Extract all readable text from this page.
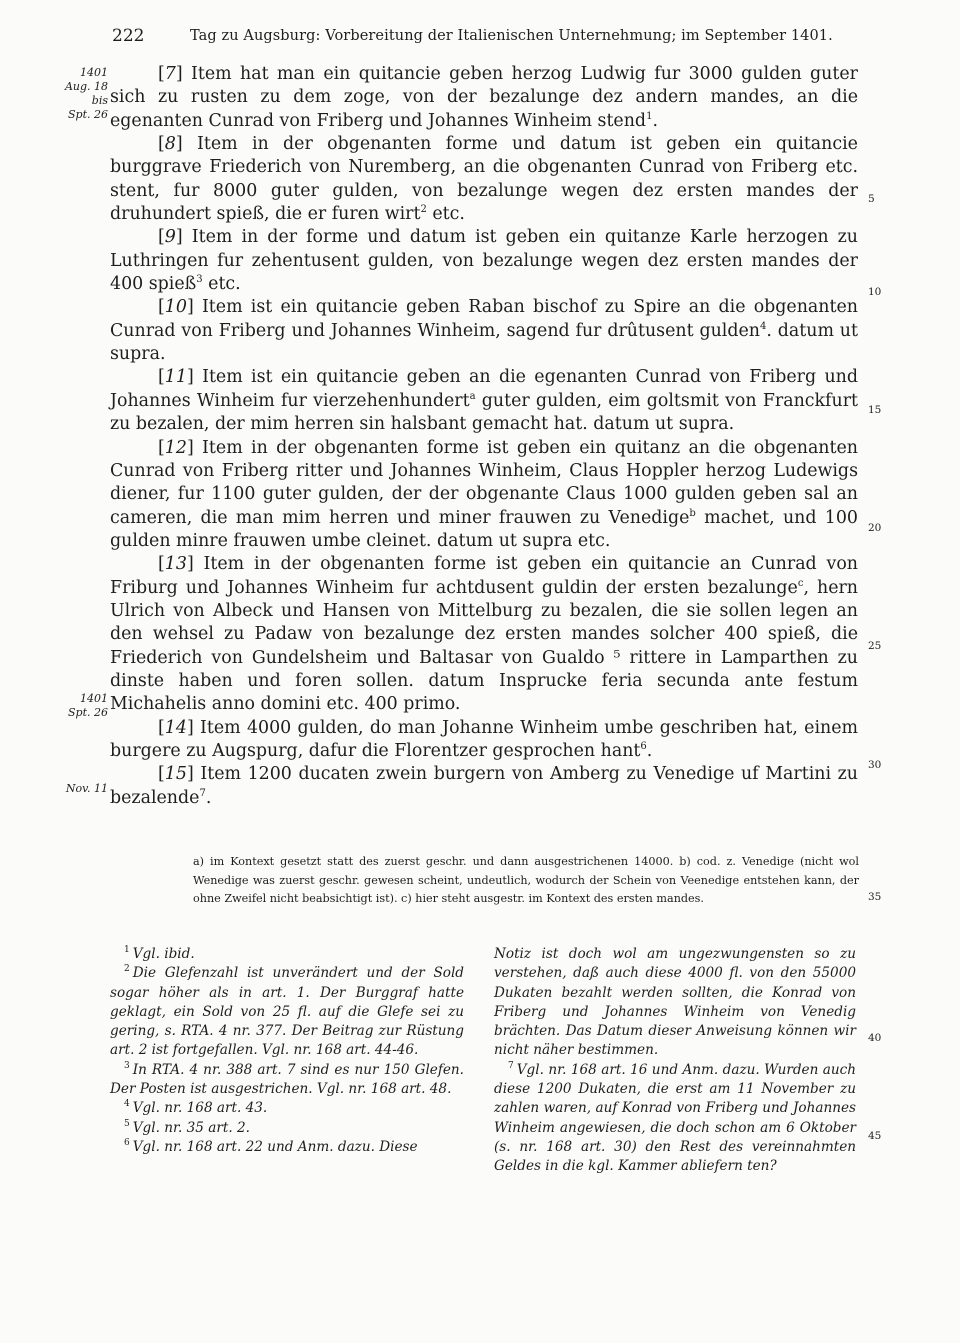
222	Tag zu Augsburg: Vorbereitung der Italienischen Unternehmung; im September 1401.
1401
Aug. 18
bis
Spt. 26
1401
Spt. 26
Nov. 11
5
10
15
20
25
30
35
40
45

[7] Item hat man ein quitancie geben herzog Ludwig fur 3000 gulden guter sich zu rusten zu dem zoge, von der bezalunge dez andern mandes, an die egenanten Cunrad von Friberg und Johannes Winheim stend$^1$.

[8] Item in der obgenanten forme und datum ist geben ein quitancie burggrave Friederich von Nuremberg, an die obgenanten Cunrad von Friberg etc. stent, fur 8000 guter gulden, von bezalunge wegen dez ersten mandes der druhundert spieß, die er furen wirt$^2$ etc.

[9] Item in der forme und datum ist geben ein quitanze Karle herzogen zu Luthringen fur zehentusent gulden, von bezalunge wegen dez ersten mandes der 400 spieß$^3$ etc.

[10] Item ist ein quitancie geben Raban bischof zu Spire an die obgenanten Cunrad von Friberg und Johannes Winheim, sagend fur drûtusent gulden$^4$. datum ut supra.

[11] Item ist ein quitancie geben an die egenanten Cunrad von Friberg und Johannes Winheim fur vierzehenhundert$^a$ guter gulden, eim goltsmit von Franckfurt zu bezalen, der mim herren sin halsbant gemacht hat. datum ut supra.

[12] Item in der obgenanten forme ist geben ein quitanz an die obgenanten Cunrad von Friberg ritter und Johannes Winheim, Claus Hoppler herzog Ludewigs diener, fur 1100 guter gulden, der der obgenante Claus 1000 gulden geben sal an cameren, die man mim herren und miner frauwen zu Venedige$^b$ machet, und 100 gulden minre frauwen umbe cleinet. datum ut supra etc.

[13] Item in der obgenanten forme ist geben ein quitancie an Cunrad von Friburg und Johannes Winheim fur achtdusent guldin der ersten bezalunge$^c$, hern Ulrich von Albeck und Hansen von Mittelburg zu bezalen, die sie sollen legen an den wehsel zu Padaw von bezalunge dez ersten mandes solcher 400 spieß, die Friederich von Gundelsheim und Baltasar von Gualdo ⁵ rittere in Lamparthen zu dinste haben und foren sollen. datum Insprucke feria secunda ante festum Michahelis anno domini etc. 400 primo.

[14] Item 4000 gulden, do man Johanne Winheim umbe geschriben hat, einem burgere zu Augspurg, dafur die Florentzer gesprochen hant$^6$.

[15] Item 1200 ducaten zwein burgern von Amberg zu Venedige uf Martini zu bezalende$^7$.

a) im Kontext gesetzt statt des zuerst geschr. und dann ausgestrichenen 14000. b) cod. z. Venedige (nicht wol Wenedige was zuerst geschr. gewesen scheint, undeutlich, wodurch der Schein von Veenedige entstehen kann, der ohne Zweifel nicht beabsichtigt ist). c) hier steht ausgestr. im Kontext des ersten mandes.

$^1$ Vgl. ibid.

$^2$ Die Glefenzahl ist unverändert und der Sold sogar höher als in art. 1. Der Burggraf hatte geklagt, ein Sold von 25 fl. auf die Glefe sei zu gering, s. RTA. 4 nr. 377. Der Beitrag zur Rüstung art. 2 ist fortgefallen. Vgl. nr. 168 art. 44-46.

$^3$ In RTA. 4 nr. 388 art. 7 sind es nur 150 Glefen. Der Posten ist ausgestrichen. Vgl. nr. 168 art. 48.

$^4$ Vgl. nr. 168 art. 43.

$^5$ Vgl. nr. 35 art. 2.

$^6$ Vgl. nr. 168 art. 22 und Anm. dazu. Diese

Notiz ist doch wol am ungezwungensten so zu verstehen, daß auch diese 4000 fl. von den 55000 Dukaten bezahlt werden sollten, die Konrad von Friberg und Johannes Winheim von Venedig brächten. Das Datum dieser Anweisung können wir nicht näher bestimmen.

$^7$ Vgl. nr. 168 art. 16 und Anm. dazu. Wurden auch diese 1200 Dukaten, die erst am 11 November zu zahlen waren, auf Konrad von Friberg und Johannes Winheim angewiesen, die doch schon am 6 Oktober (s. nr. 168 art. 30) den Rest des vereinnahmten Geldes in die kgl. Kammer abliefern ten?
